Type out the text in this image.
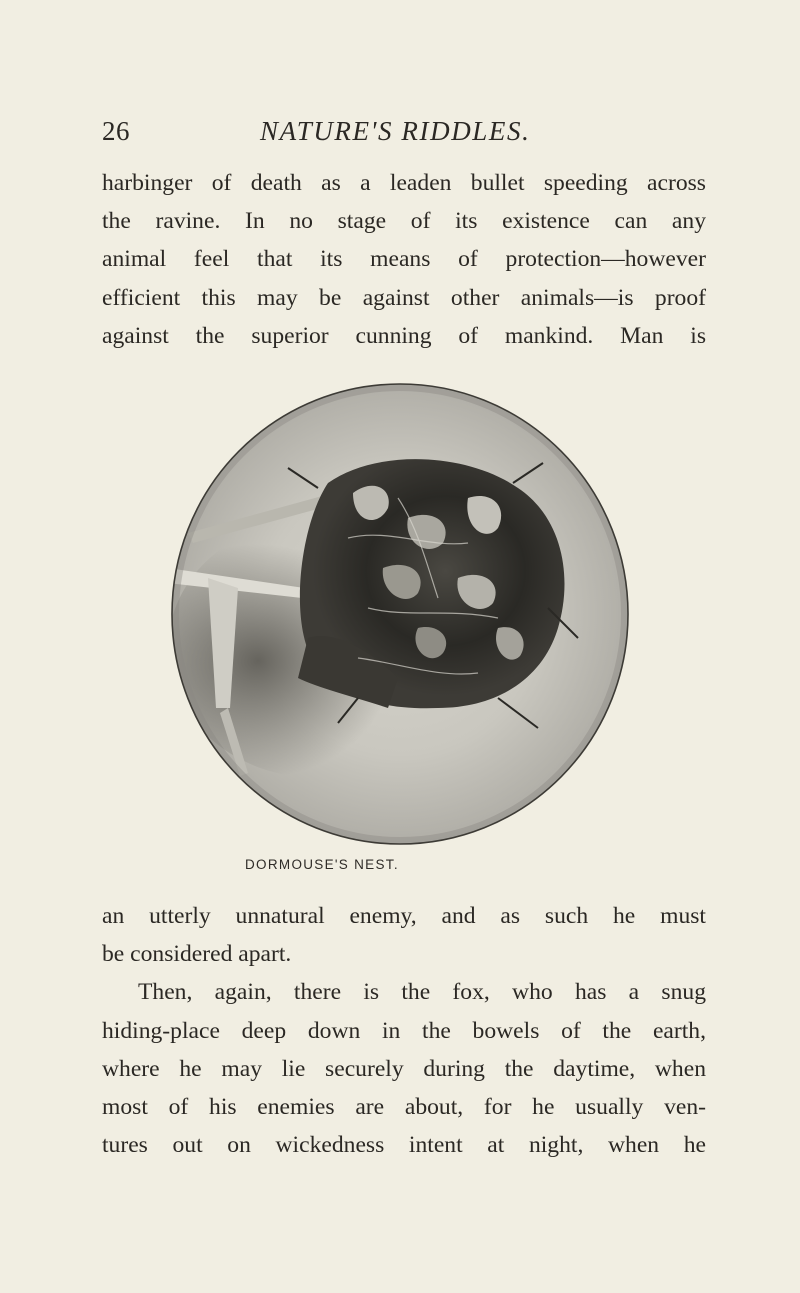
26	NATURE'S RIDDLES.
harbinger of death as a leaden bullet speeding across
the ravine. In no stage of its existence can any
animal feel that its means of protection—however
efficient this may be against other animals—is proof
against the superior cunning of mankind. Man is
DORMOUSE'S NEST.
an utterly unnatural enemy, and as such he must
be considered apart.
Then, again, there is the fox, who has a snug
hiding-place deep down in the bowels of the earth,
where he may lie securely during the daytime, when
most of his enemies are about, for he usually ven-
tures out on wickedness intent at night, when he
